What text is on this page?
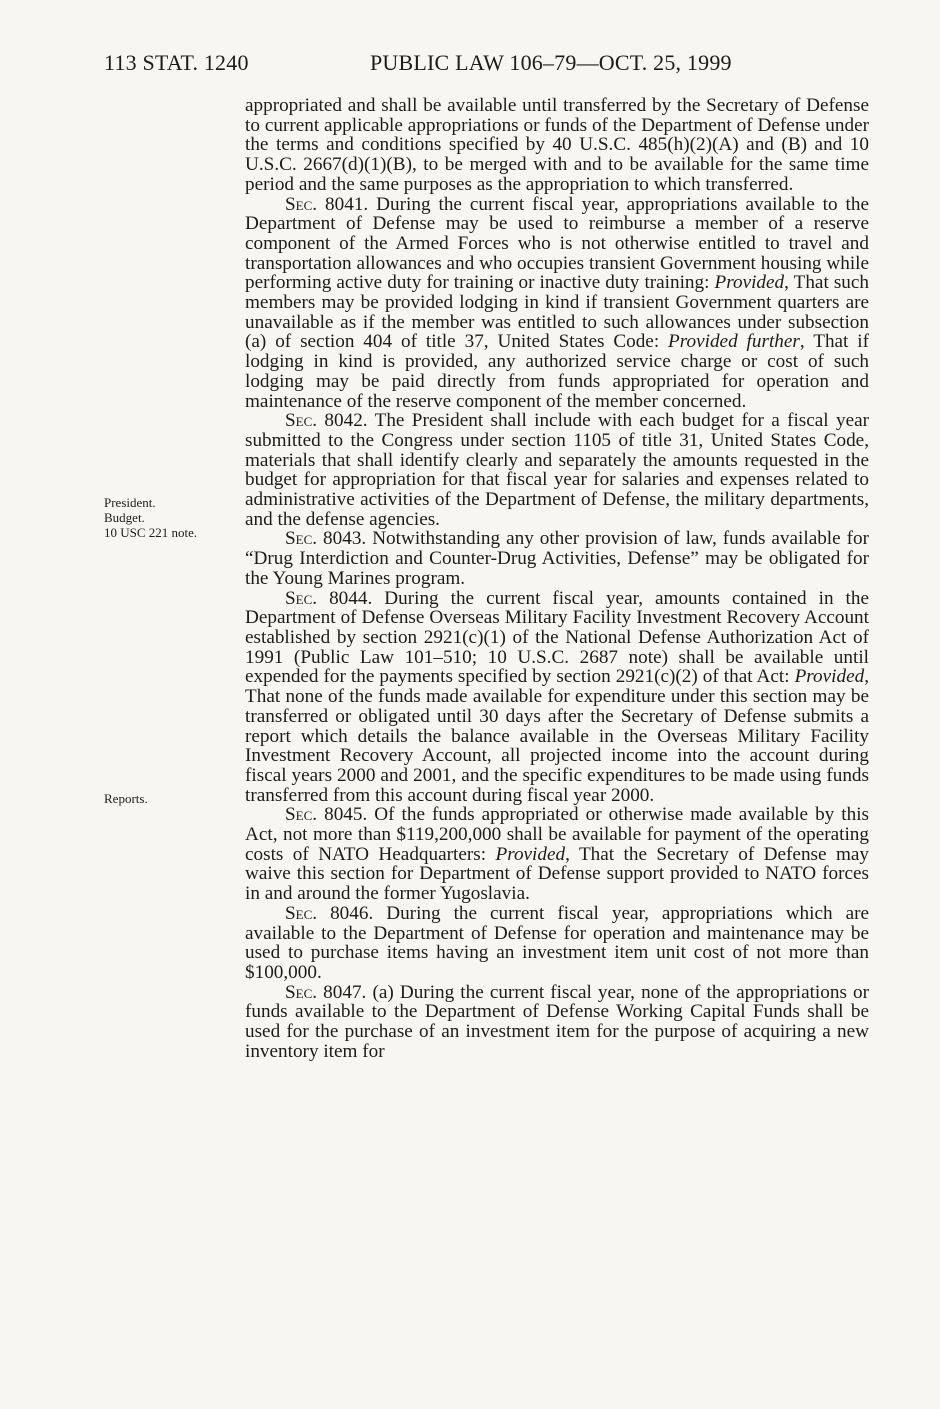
113 STAT. 1240	PUBLIC LAW 106–79—OCT. 25, 1999
President.
Budget.
10 USC 221 note.
Reports.

appropriated and shall be available until transferred by the Secretary of Defense to current applicable appropriations or funds of the Department of Defense under the terms and conditions specified by 40 U.S.C. 485(h)(2)(A) and (B) and 10 U.S.C. 2667(d)(1)(B), to be merged with and to be available for the same time period and the same purposes as the appropriation to which transferred.

Sec. 8041. During the current fiscal year, appropriations available to the Department of Defense may be used to reimburse a member of a reserve component of the Armed Forces who is not otherwise entitled to travel and transportation allowances and who occupies transient Government housing while performing active duty for training or inactive duty training: Provided, That such members may be provided lodging in kind if transient Government quarters are unavailable as if the member was entitled to such allowances under subsection (a) of section 404 of title 37, United States Code: Provided further, That if lodging in kind is provided, any authorized service charge or cost of such lodging may be paid directly from funds appropriated for operation and maintenance of the reserve component of the member concerned.

Sec. 8042. The President shall include with each budget for a fiscal year submitted to the Congress under section 1105 of title 31, United States Code, materials that shall identify clearly and separately the amounts requested in the budget for appropriation for that fiscal year for salaries and expenses related to administrative activities of the Department of Defense, the military departments, and the defense agencies.

Sec. 8043. Notwithstanding any other provision of law, funds available for “Drug Interdiction and Counter-Drug Activities, Defense” may be obligated for the Young Marines program.

Sec. 8044. During the current fiscal year, amounts contained in the Department of Defense Overseas Military Facility Investment Recovery Account established by section 2921(c)(1) of the National Defense Authorization Act of 1991 (Public Law 101–510; 10 U.S.C. 2687 note) shall be available until expended for the payments specified by section 2921(c)(2) of that Act: Provided, That none of the funds made available for expenditure under this section may be transferred or obligated until 30 days after the Secretary of Defense submits a report which details the balance available in the Overseas Military Facility Investment Recovery Account, all projected income into the account during fiscal years 2000 and 2001, and the specific expenditures to be made using funds transferred from this account during fiscal year 2000.

Sec. 8045. Of the funds appropriated or otherwise made available by this Act, not more than $119,200,000 shall be available for payment of the operating costs of NATO Headquarters: Provided, That the Secretary of Defense may waive this section for Department of Defense support provided to NATO forces in and around the former Yugoslavia.

Sec. 8046. During the current fiscal year, appropriations which are available to the Department of Defense for operation and maintenance may be used to purchase items having an investment item unit cost of not more than $100,000.

Sec. 8047. (a) During the current fiscal year, none of the appropriations or funds available to the Department of Defense Working Capital Funds shall be used for the purchase of an investment item for the purpose of acquiring a new inventory item for
